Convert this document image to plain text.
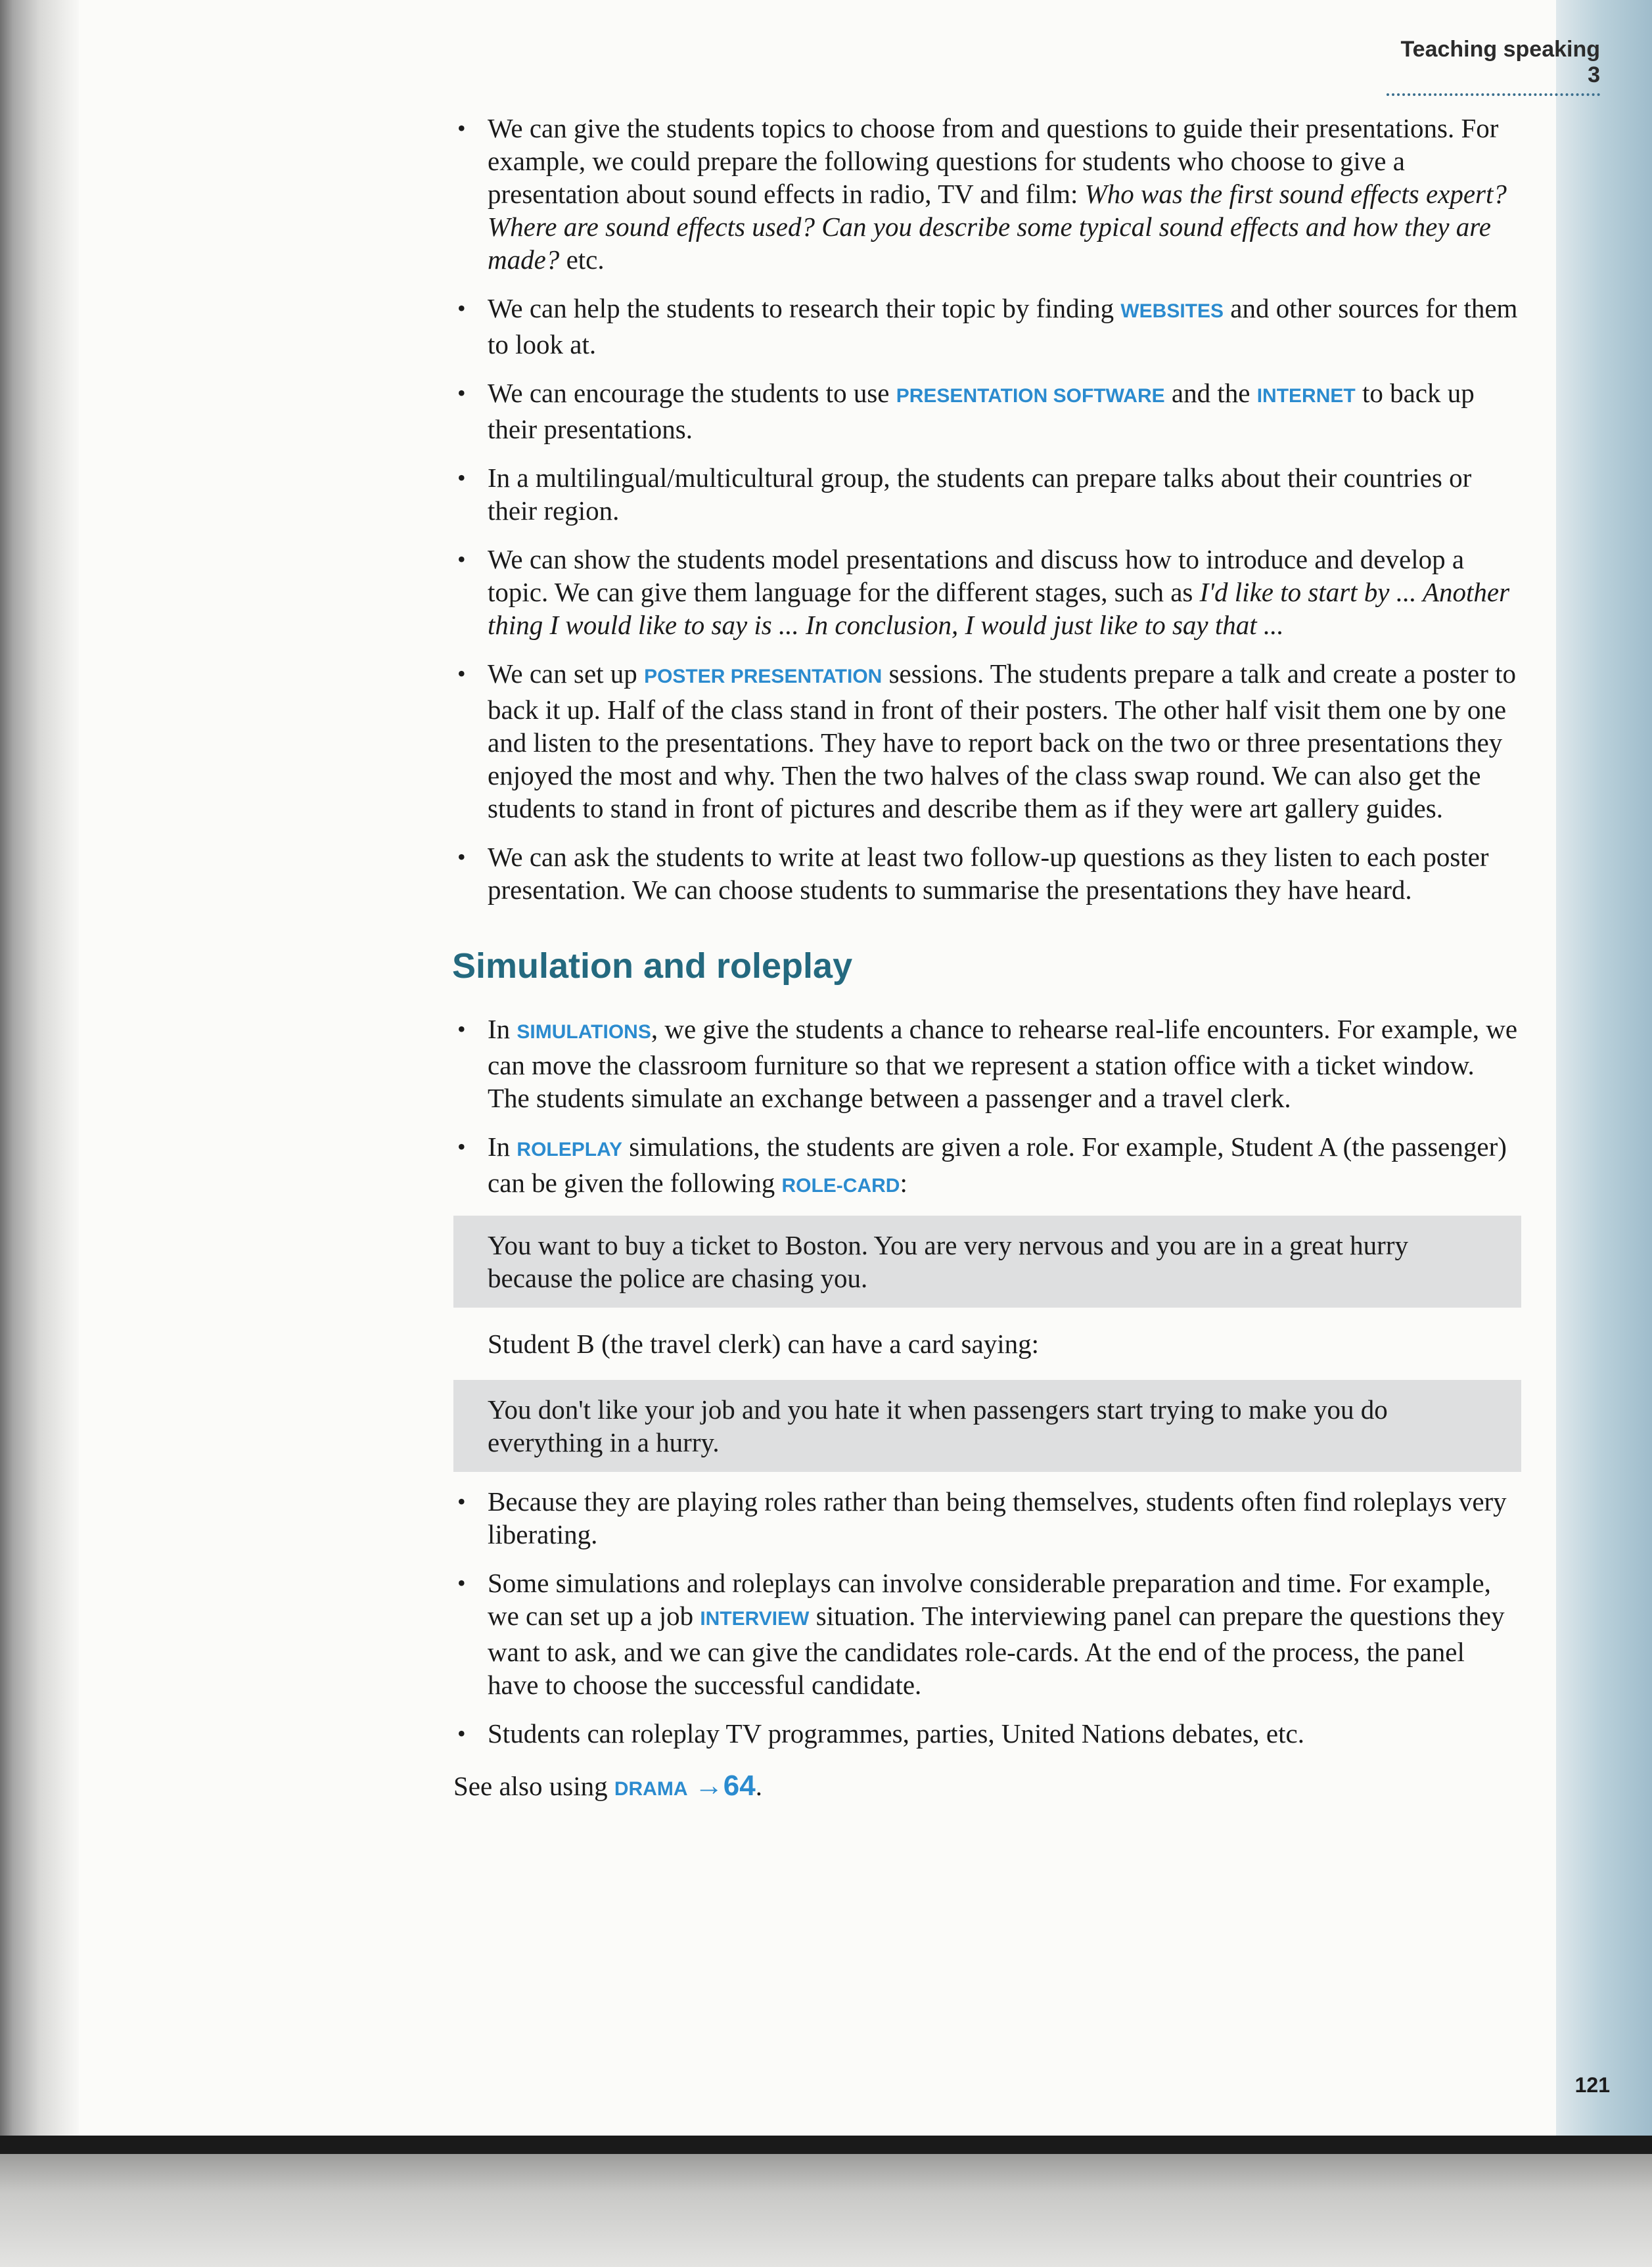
Teaching speaking 3
• We can give the students topics to choose from and questions to guide their presentations. For example, we could prepare the following questions for students who choose to give a presentation about sound effects in radio, TV and film: Who was the first sound effects expert? Where are sound effects used? Can you describe some typical sound effects and how they are made? etc.
• We can help the students to research their topic by finding WEBSITES and other sources for them to look at.
• We can encourage the students to use PRESENTATION SOFTWARE and the INTERNET to back up their presentations.
• In a multilingual/multicultural group, the students can prepare talks about their countries or their region.
• We can show the students model presentations and discuss how to introduce and develop a topic. We can give them language for the different stages, such as I'd like to start by ... Another thing I would like to say is ... In conclusion, I would just like to say that ...
• We can set up POSTER PRESENTATION sessions. The students prepare a talk and create a poster to back it up. Half of the class stand in front of their posters. The other half visit them one by one and listen to the presentations. They have to report back on the two or three presentations they enjoyed the most and why. Then the two halves of the class swap round. We can also get the students to stand in front of pictures and describe them as if they were art gallery guides.
• We can ask the students to write at least two follow-up questions as they listen to each poster presentation. We can choose students to summarise the presentations they have heard.
Simulation and roleplay
• In SIMULATIONS, we give the students a chance to rehearse real-life encounters. For example, we can move the classroom furniture so that we represent a station office with a ticket window. The students simulate an exchange between a passenger and a travel clerk.
• In ROLEPLAY simulations, the students are given a role. For example, Student A (the passenger) can be given the following ROLE-CARD:
You want to buy a ticket to Boston. You are very nervous and you are in a great hurry because the police are chasing you.
Student B (the travel clerk) can have a card saying:
You don't like your job and you hate it when passengers start trying to make you do everything in a hurry.
• Because they are playing roles rather than being themselves, students often find roleplays very liberating.
• Some simulations and roleplays can involve considerable preparation and time. For example, we can set up a job INTERVIEW situation. The interviewing panel can prepare the questions they want to ask, and we can give the candidates role-cards. At the end of the process, the panel have to choose the successful candidate.
• Students can roleplay TV programmes, parties, United Nations debates, etc.
See also using DRAMA →64.
121
